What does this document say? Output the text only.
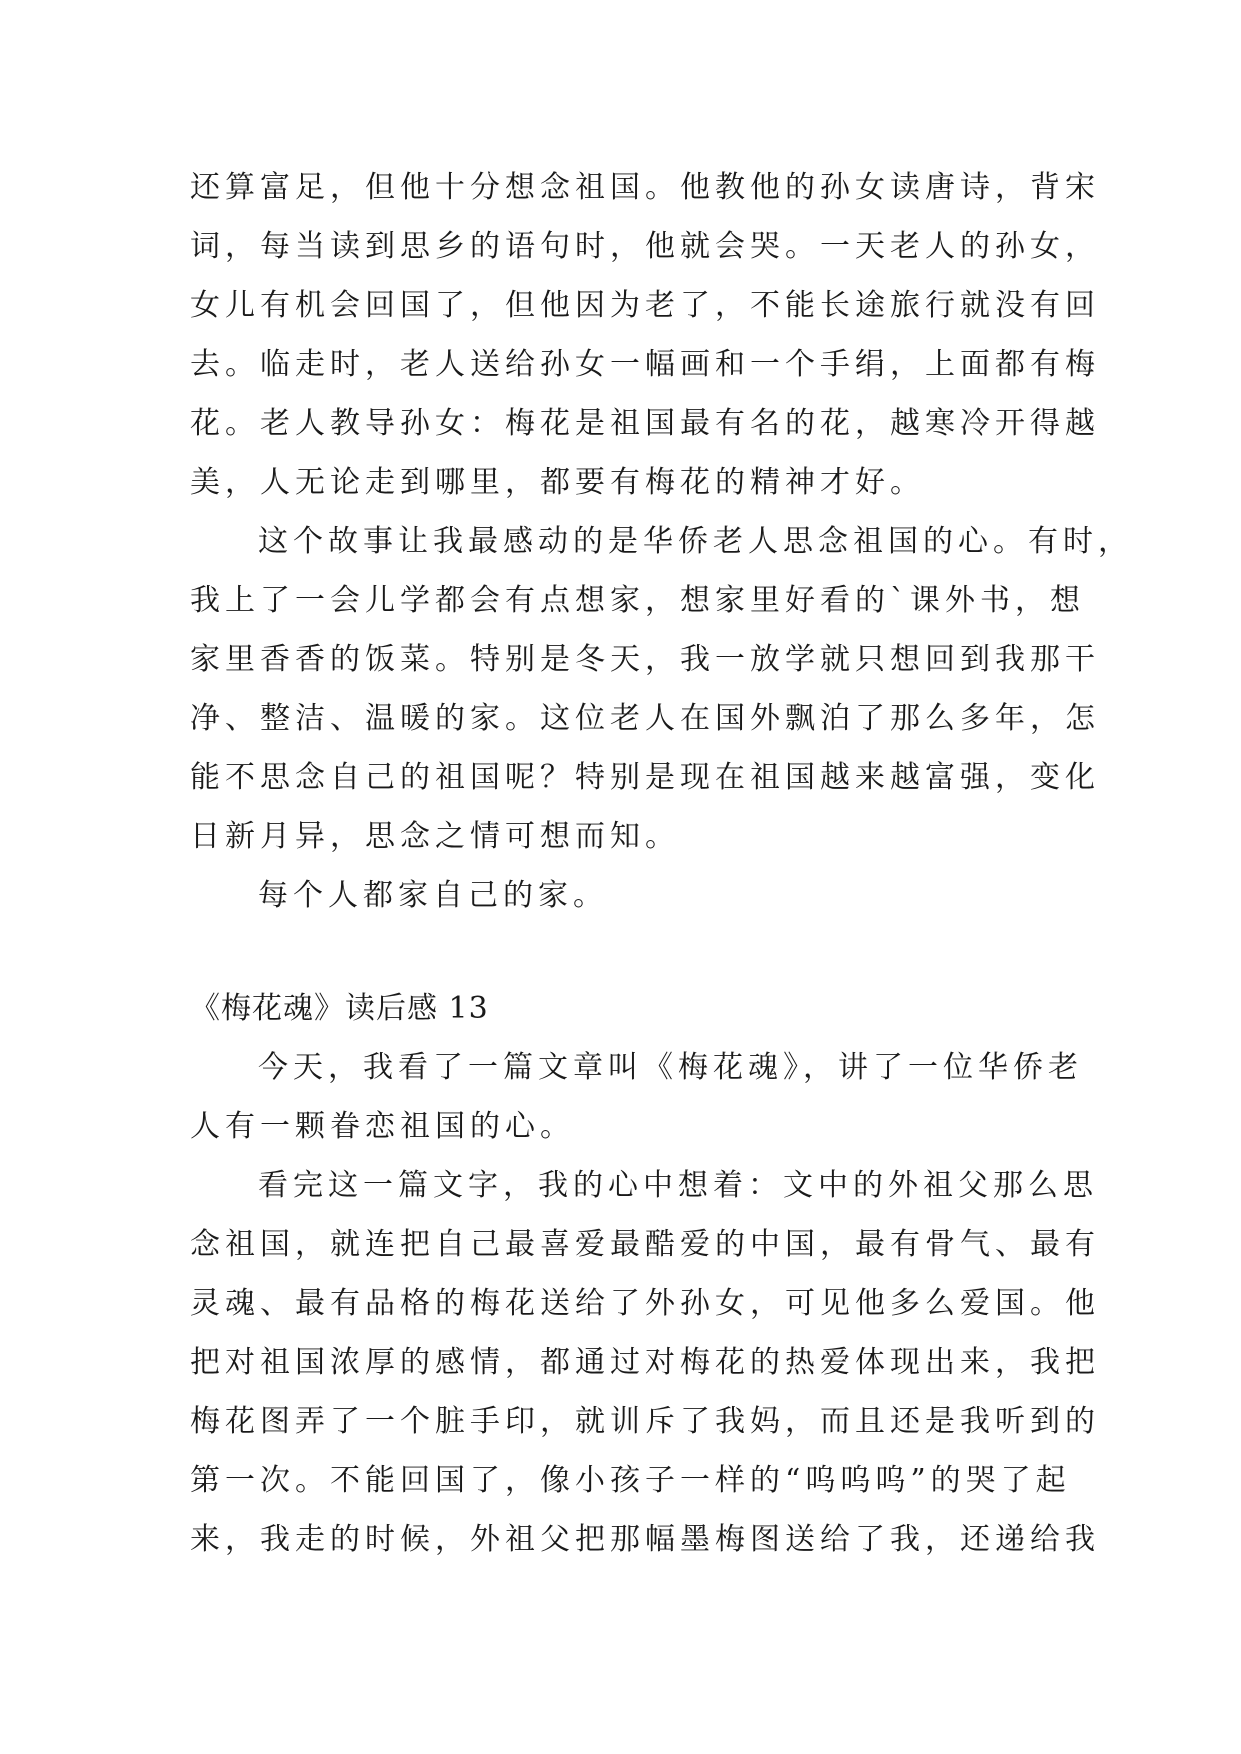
还算富足，但他十分想念祖国。他教他的孙女读唐诗，背宋
词，每当读到思乡的语句时，他就会哭。一天老人的孙女，
女儿有机会回国了，但他因为老了，不能长途旅行就没有回
去。临走时，老人送给孙女一幅画和一个手绢，上面都有梅
花。老人教导孙女：梅花是祖国最有名的花，越寒冷开得越
美，人无论走到哪里，都要有梅花的精神才好。
这个故事让我最感动的是华侨老人思念祖国的心。有时，
我上了一会儿学都会有点想家，想家里好看的`课外书，想
家里香香的饭菜。特别是冬天，我一放学就只想回到我那干
净、整洁、温暖的家。这位老人在国外飘泊了那么多年，怎
能不思念自己的祖国呢？特别是现在祖国越来越富强，变化
日新月异，思念之情可想而知。
每个人都家自己的家。
《梅花魂》读后感 13
今天，我看了一篇文章叫《梅花魂》，讲了一位华侨老
人有一颗眷恋祖国的心。
看完这一篇文字，我的心中想着：文中的外祖父那么思
念祖国，就连把自己最喜爱最酷爱的中国，最有骨气、最有
灵魂、最有品格的梅花送给了外孙女，可见他多么爱国。他
把对祖国浓厚的感情，都通过对梅花的热爱体现出来，我把
梅花图弄了一个脏手印，就训斥了我妈，而且还是我听到的
第一次。不能回国了，像小孩子一样的“呜呜呜”的哭了起
来，我走的时候，外祖父把那幅墨梅图送给了我，还递给我
